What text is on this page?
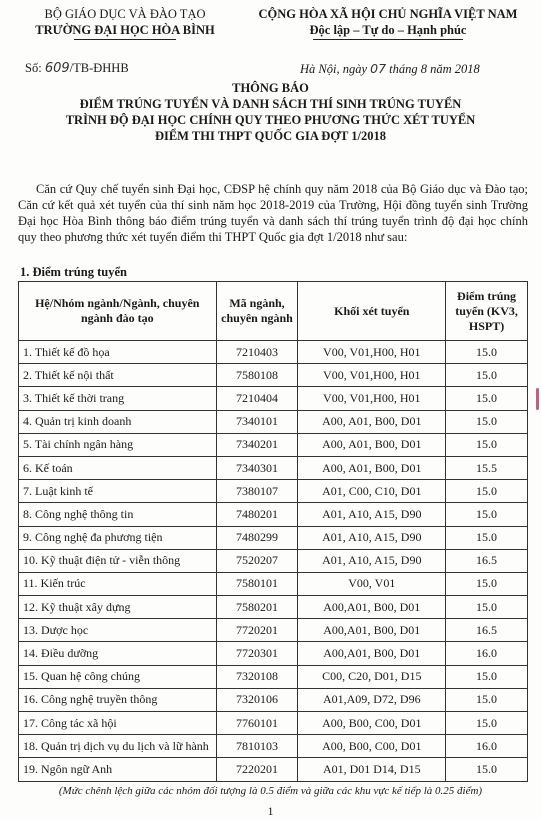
BỘ GIÁO DỤC VÀ ĐÀO TẠO
TRƯỜNG ĐẠI HỌC HÒA BÌNH
CỘNG HÒA XÃ HỘI CHỦ NGHĨA VIỆT NAM
Độc lập – Tự do – Hạnh phúc
Số: 609/TB-ĐHHB	Hà Nội, ngày 07 tháng 8 năm 2018
THÔNG BÁO
ĐIỂM TRÚNG TUYỂN VÀ DANH SÁCH THÍ SINH TRÚNG TUYỂN
TRÌNH ĐỘ ĐẠI HỌC CHÍNH QUY THEO PHƯƠNG THỨC XÉT TUYỂN
ĐIỂM THI THPT QUỐC GIA ĐỢT 1/2018

Căn cứ Quy chế tuyển sinh Đại học, CĐSP hệ chính quy năm 2018 của Bộ Giáo dục và Đào tạo; Căn cứ kết quả xét tuyển của thí sinh năm học 2018-2019 của Trường, Hội đồng tuyển sinh Trường Đại học Hòa Bình thông báo điểm trúng tuyển và danh sách thí trúng tuyển trình độ đại học chính quy theo phương thức xét tuyển điểm thi THPT Quốc gia đợt 1/2018 như sau:

1. Điểm trúng tuyển
Hệ/Nhóm ngành/Ngành, chuyên ngành đào tạo	Mã ngành, chuyên ngành	Khối xét tuyển	Điểm trúng tuyển (KV3, HSPT)
1. Thiết kế đồ họa	7210403	V00, V01,H00, H01	15.0
2. Thiết kế nội thất	7580108	V00, V01,H00, H01	15.0
3. Thiết kế thời trang	7210404	V00, V01,H00, H01	15.0
4. Quản trị kinh doanh	7340101	A00, A01, B00, D01	15.0
5. Tài chính ngân hàng	7340201	A00, A01, B00, D01	15.0
6. Kế toán	7340301	A00, A01, B00, D01	15.5
7. Luật kinh tế	7380107	A01, C00, C10, D01	15.0
8. Công nghệ thông tin	7480201	A01, A10, A15, D90	15.0
9. Công nghệ đa phương tiện	7480299	A01, A10, A15, D90	15.0
10. Kỹ thuật điện tử - viễn thông	7520207	A01, A10, A15, D90	16.5
11. Kiến trúc	7580101	V00, V01	15.0
12. Kỹ thuật xây dựng	7580201	A00,A01, B00, D01	15.0
13. Dược học	7720201	A00,A01, B00, D01	16.5
14. Điều dưỡng	7720301	A00,A01, B00, D01	16.0
15. Quan hệ công chúng	7320108	C00, C20, D01, D15	15.0
16. Công nghệ truyền thông	7320106	A01,A09, D72, D96	15.0
17. Công tác xã hội	7760101	A00, B00, C00, D01	15.0
18. Quản trị dịch vụ du lịch và lữ hành	7810103	A00, B00, C00, D01	16.0
19. Ngôn ngữ Anh	7220201	A01, D01 D14, D15	15.0
(Mức chênh lệch giữa các nhóm đối tượng là 0.5 điểm và giữa các khu vực kế tiếp là 0.25 điểm)
1
